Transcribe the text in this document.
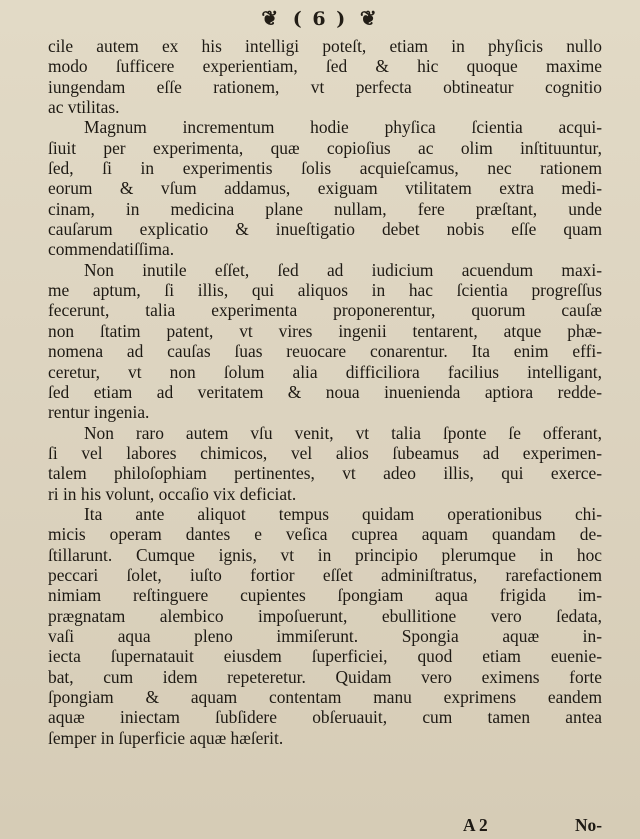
❦ ( 6 ) ❦
cile autem ex his intelligi poteſt, etiam in phyſicis nullo
modo ſufficere experientiam, ſed & hic quoque maxime
iungendam eſſe rationem, vt perfecta obtineatur cognitio
ac vtilitas.
Magnum incrementum hodie phyſica ſcientia acqui-
ſiuit per experimenta, quæ copioſius ac olim inſtituuntur,
ſed, ſi in experimentis ſolis acquieſcamus, nec rationem
eorum & vſum addamus, exiguam vtilitatem extra medi-
cinam, in medicina plane nullam, fere præſtant, unde
cauſarum explicatio & inueſtigatio debet nobis eſſe quam
commendatiſſima.
Non inutile eſſet, ſed ad iudicium acuendum maxi-
me aptum, ſi illis, qui aliquos in hac ſcientia progreſſus
fecerunt, talia experimenta proponerentur, quorum cauſæ
non ſtatim patent, vt vires ingenii tentarent, atque phæ-
nomena ad cauſas ſuas reuocare conarentur. Ita enim effi-
ceretur, vt non ſolum alia difficiliora facilius intelligant,
ſed etiam ad veritatem & noua inuenienda aptiora redde-
rentur ingenia.
Non raro autem vſu venit, vt talia ſponte ſe offerant,
ſi vel labores chimicos, vel alios ſubeamus ad experimen-
talem philoſophiam pertinentes, vt adeo illis, qui exerce-
ri in his volunt, occaſio vix deficiat.
Ita ante aliquot tempus quidam operationibus chi-
micis operam dantes e veſica cuprea aquam quandam de-
ſtillarunt. Cumque ignis, vt in principio plerumque in hoc
peccari ſolet, iuſto fortior eſſet adminiſtratus, rarefactionem
nimiam reſtinguere cupientes ſpongiam aqua frigida im-
prægnatam alembico impoſuerunt, ebullitione vero ſedata,
vaſi aqua pleno immiſerunt. Spongia aquæ in-
iecta ſupernatauit eiusdem ſuperficiei, quod etiam euenie-
bat, cum idem repeteretur. Quidam vero eximens forte
ſpongiam & aquam contentam manu exprimens eandem
aquæ iniectam ſubſidere obſeruauit, cum tamen antea
ſemper in ſuperficie aquæ hæſerit.
A 2	No-
